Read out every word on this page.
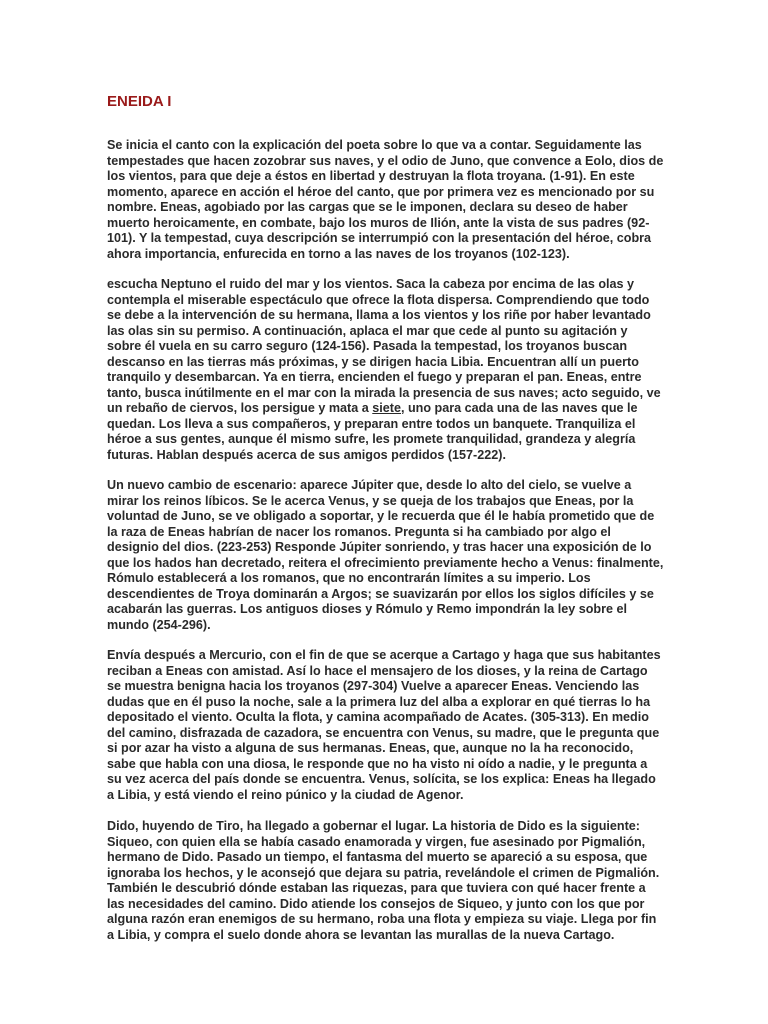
ENEIDA I

Se inicia el canto con la explicación del poeta sobre lo que va a contar. Seguidamente las tempestades que hacen zozobrar sus naves, y el odio de Juno, que convence a Eolo, dios de los vientos, para que deje a éstos en libertad y destruyan la flota troyana. (1-91). En este momento, aparece en acción el héroe del canto, que por primera vez es mencionado por su nombre. Eneas, agobiado por las cargas que se le imponen, declara su deseo de haber muerto heroicamente, en combate, bajo los muros de Ilión, ante la vista de sus padres (92-101). Y la tempestad, cuya descripción se interrumpió con la presentación del héroe, cobra ahora importancia, enfurecida en torno a las naves de los troyanos (102-123).

escucha Neptuno el ruido del mar y los vientos. Saca la cabeza por encima de las olas y contempla el miserable espectáculo que ofrece la flota dispersa. Comprendiendo que todo se debe a la intervención de su hermana, llama a los vientos y los riñe por haber levantado las olas sin su permiso. A continuación, aplaca el mar que cede al punto su agitación y sobre él vuela en su carro seguro (124-156). Pasada la tempestad, los troyanos buscan descanso en las tierras más próximas, y se dirigen hacia Libia. Encuentran allí un puerto tranquilo y desembarcan. Ya en tierra, encienden el fuego y preparan el pan. Eneas, entre tanto, busca inútilmente en el mar con la mirada la presencia de sus naves; acto seguido, ve un rebaño de ciervos, los persigue y mata a siete, uno para cada una de las naves que le quedan. Los lleva a sus compañeros, y preparan entre todos un banquete. Tranquiliza el héroe a sus gentes, aunque él mismo sufre, les promete tranquilidad, grandeza y alegría futuras. Hablan después acerca de sus amigos perdidos (157-222).

Un nuevo cambio de escenario: aparece Júpiter que, desde lo alto del cielo, se vuelve a mirar los reinos líbicos. Se le acerca Venus, y se queja de los trabajos que Eneas, por la voluntad de Juno, se ve obligado a soportar, y le recuerda que él le había prometido que de la raza de Eneas habrían de nacer los romanos. Pregunta si ha cambiado por algo el designio del dios. (223-253) Responde Júpiter sonriendo, y tras hacer una exposición de lo que los hados han decretado, reitera el ofrecimiento previamente hecho a Venus: finalmente, Rómulo establecerá a los romanos, que no encontrarán límites a su imperio. Los descendientes de Troya dominarán a Argos; se suavizarán por ellos los siglos difíciles y se acabarán las guerras. Los antiguos dioses y Rómulo y Remo impondrán la ley sobre el mundo (254-296).

Envía después a Mercurio, con el fin de que se acerque a Cartago y haga que sus habitantes reciban a Eneas con amistad. Así lo hace el mensajero de los dioses, y la reina de Cartago se muestra benigna hacia los troyanos (297-304) Vuelve a aparecer Eneas. Venciendo las dudas que en él puso la noche, sale a la primera luz del alba a explorar en qué tierras lo ha depositado el viento. Oculta la flota, y camina acompañado de Acates. (305-313). En medio del camino, disfrazada de cazadora, se encuentra con Venus, su madre, que le pregunta que si por azar ha visto a alguna de sus hermanas. Eneas, que, aunque no la ha reconocido, sabe que habla con una diosa, le responde que no ha visto ni oído a nadie, y le pregunta a su vez acerca del país donde se encuentra. Venus, solícita, se los explica: Eneas ha llegado a Libia, y está viendo el reino púnico y la ciudad de Agenor.

Dido, huyendo de Tiro, ha llegado a gobernar el lugar. La historia de Dido es la siguiente: Siqueo, con quien ella se había casado enamorada y virgen, fue asesinado por Pigmalión, hermano de Dido. Pasado un tiempo, el fantasma del muerto se apareció a su esposa, que ignoraba los hechos, y le aconsejó que dejara su patria, revelándole el crimen de Pigmalión. También le descubrió dónde estaban las riquezas, para que tuviera con qué hacer frente a las necesidades del camino. Dido atiende los consejos de Siqueo, y junto con los que por alguna razón eran enemigos de su hermano, roba una flota y empieza su viaje. Llega por fin a Libia, y compra el suelo donde ahora se levantan las murallas de la nueva Cartago.
